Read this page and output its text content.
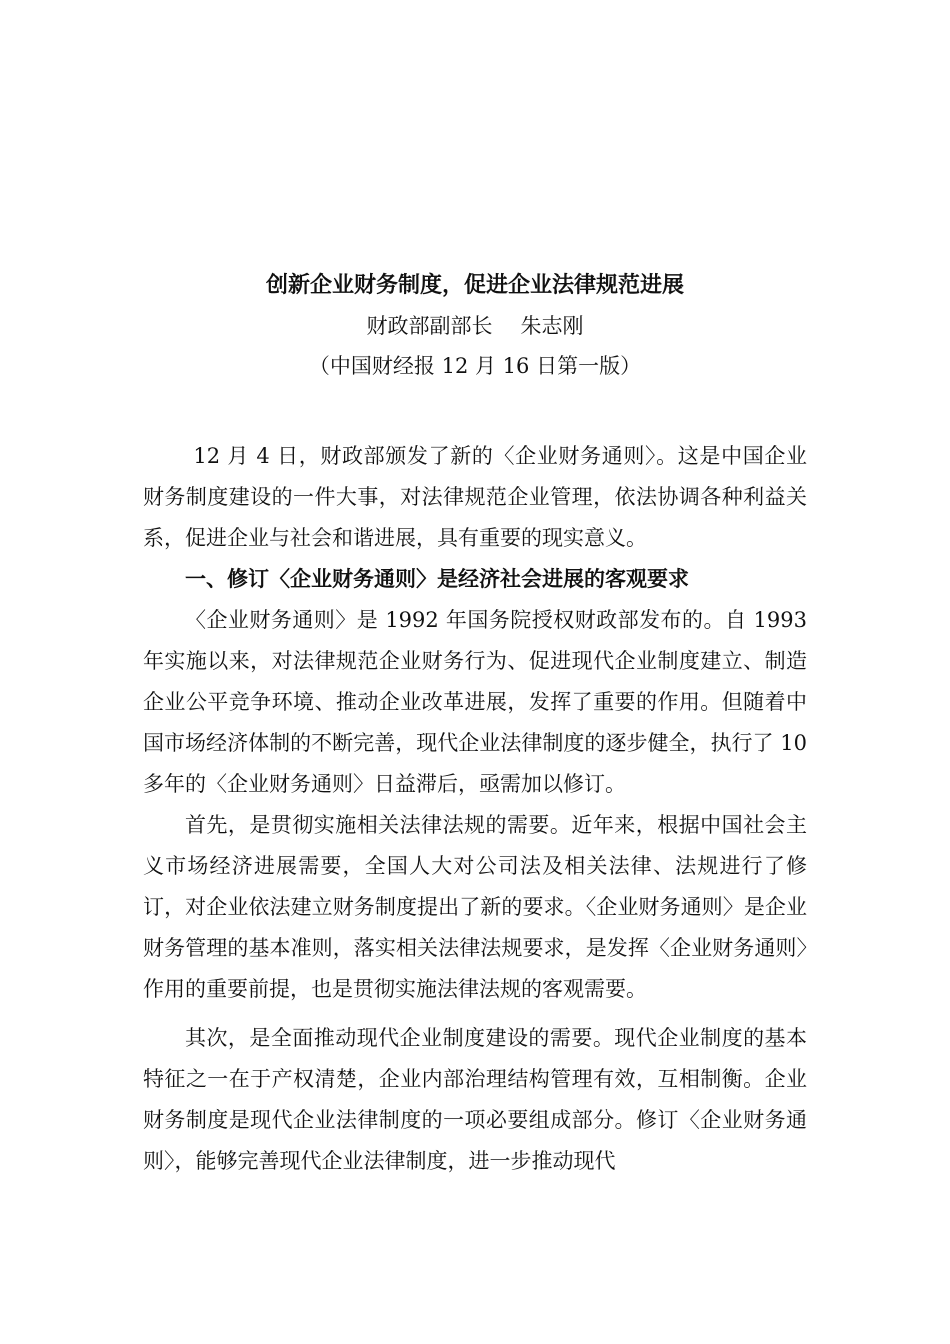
创新企业财务制度，促进企业法律规范进展

财政部副部长 朱志刚

（中国财经报 12 月 16 日第一版）

12 月 4 日，财政部颁发了新的〈企业财务通则〉。这是中国企业财务制度建设的一件大事，对法律规范企业管理，依法协调各种利益关系，促进企业与社会和谐进展，具有重要的现实意义。

一、修订〈企业财务通则〉是经济社会进展的客观要求

〈企业财务通则〉是 1992 年国务院授权财政部发布的。自 1993 年实施以来，对法律规范企业财务行为、促进现代企业制度建立、制造企业公平竞争环境、推动企业改革进展，发挥了重要的作用。但随着中国市场经济体制的不断完善，现代企业法律制度的逐步健全，执行了 10 多年的〈企业财务通则〉日益滞后，亟需加以修订。

首先，是贯彻实施相关法律法规的需要。近年来，根据中国社会主义市场经济进展需要，全国人大对公司法及相关法律、法规进行了修订，对企业依法建立财务制度提出了新的要求。〈企业财务通则〉是企业财务管理的基本准则，落实相关法律法规要求，是发挥〈企业财务通则〉作用的重要前提，也是贯彻实施法律法规的客观需要。

其次，是全面推动现代企业制度建设的需要。现代企业制度的基本特征之一在于产权清楚，企业内部治理结构管理有效，互相制衡。企业财务制度是现代企业法律制度的一项必要组成部分。修订〈企业财务通则〉，能够完善现代企业法律制度，进一步推动现代
